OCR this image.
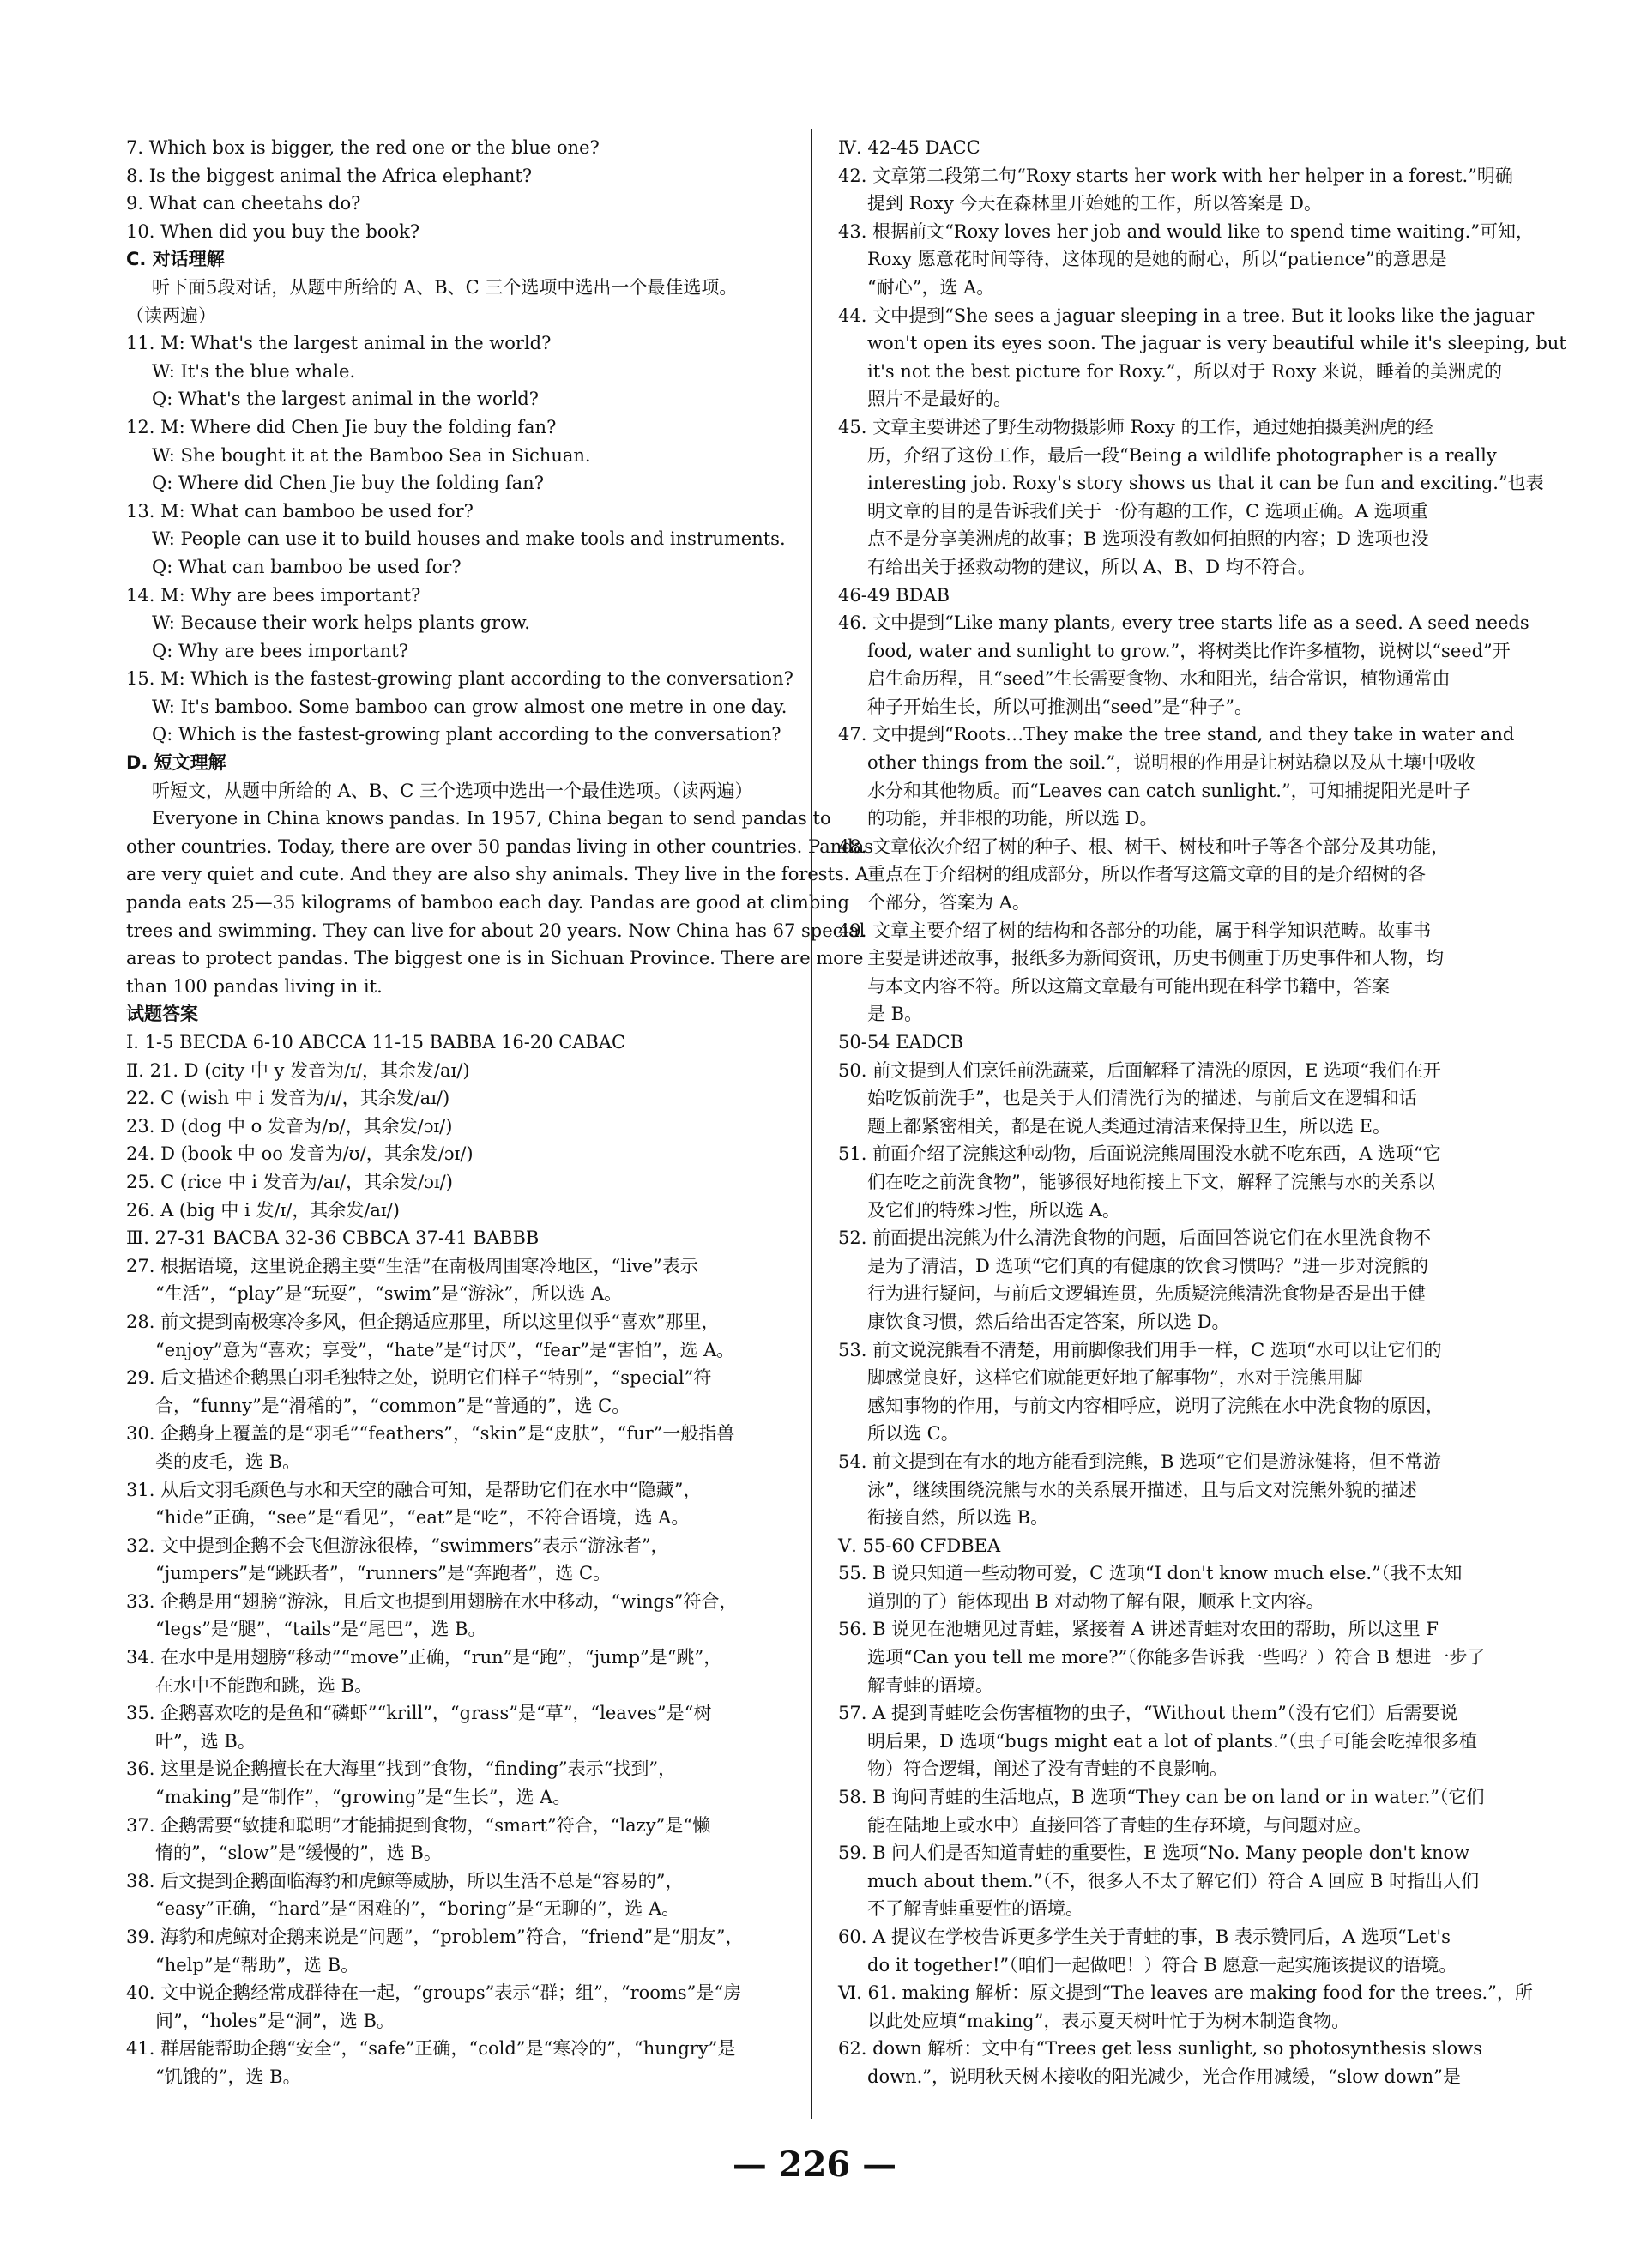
7. Which box is bigger, the red one or the blue one?
8. Is the biggest animal the Africa elephant?
9. What can cheetahs do?
10. When did you buy the book?
C. 对话理解
听下面5段对话，从题中所给的 A、B、C 三个选项中选出一个最佳选项。
（读两遍）
11. M: What's the largest animal in the world?
W: It's the blue whale.
Q: What's the largest animal in the world?
12. M: Where did Chen Jie buy the folding fan?
W: She bought it at the Bamboo Sea in Sichuan.
Q: Where did Chen Jie buy the folding fan?
13. M: What can bamboo be used for?
W: People can use it to build houses and make tools and instruments.
Q: What can bamboo be used for?
14. M: Why are bees important?
W: Because their work helps plants grow.
Q: Why are bees important?
15. M: Which is the fastest-growing plant according to the conversation?
W: It's bamboo. Some bamboo can grow almost one metre in one day.
Q: Which is the fastest-growing plant according to the conversation?
D. 短文理解
听短文，从题中所给的 A、B、C 三个选项中选出一个最佳选项。（读两遍）
Everyone in China knows pandas. In 1957, China began to send pandas to
other countries. Today, there are over 50 pandas living in other countries. Pandas
are very quiet and cute. And they are also shy animals. They live in the forests. A
panda eats 25—35 kilograms of bamboo each day. Pandas are good at climbing
trees and swimming. They can live for about 20 years. Now China has 67 special
areas to protect pandas. The biggest one is in Sichuan Province. There are more
than 100 pandas living in it.
试题答案
Ⅰ. 1-5 BECDA 6-10 ABCCA 11-15 BABBA 16-20 CABAC
Ⅱ. 21. D (city 中 y 发音为/ɪ/，其余发/aɪ/)
22. C (wish 中 i 发音为/ɪ/，其余发/aɪ/)
23. D (dog 中 o 发音为/ɒ/，其余发/ɔɪ/)
24. D (book 中 oo 发音为/ʊ/，其余发/ɔɪ/)
25. C (rice 中 i 发音为/aɪ/，其余发/ɔɪ/)
26. A (big 中 i 发/ɪ/，其余发/aɪ/)
Ⅲ. 27-31 BACBA 32-36 CBBCA 37-41 BABBB
27. 根据语境，这里说企鹅主要“生活”在南极周围寒冷地区，“live”表示
“生活”，“play”是“玩耍”，“swim”是“游泳”，所以选 A。
28. 前文提到南极寒冷多风，但企鹅适应那里，所以这里似乎“喜欢”那里，
“enjoy”意为“喜欢；享受”，“hate”是“讨厌”，“fear”是“害怕”，选 A。
29. 后文描述企鹅黑白羽毛独特之处，说明它们样子“特别”，“special”符
合，“funny”是“滑稽的”，“common”是“普通的”，选 C。
30. 企鹅身上覆盖的是“羽毛”“feathers”，“skin”是“皮肤”，“fur”一般指兽
类的皮毛，选 B。
31. 从后文羽毛颜色与水和天空的融合可知，是帮助它们在水中“隐藏”，
“hide”正确，“see”是“看见”，“eat”是“吃”，不符合语境，选 A。
32. 文中提到企鹅不会飞但游泳很棒，“swimmers”表示“游泳者”，
“jumpers”是“跳跃者”，“runners”是“奔跑者”，选 C。
33. 企鹅是用“翅膀”游泳，且后文也提到用翅膀在水中移动，“wings”符合，
“legs”是“腿”，“tails”是“尾巴”，选 B。
34. 在水中是用翅膀“移动”“move”正确，“run”是“跑”，“jump”是“跳”，
在水中不能跑和跳，选 B。
35. 企鹅喜欢吃的是鱼和“磷虾”“krill”，“grass”是“草”，“leaves”是“树
叶”，选 B。
36. 这里是说企鹅擅长在大海里“找到”食物，“finding”表示“找到”，
“making”是“制作”，“growing”是“生长”，选 A。
37. 企鹅需要“敏捷和聪明”才能捕捉到食物，“smart”符合，“lazy”是“懒
惰的”，“slow”是“缓慢的”，选 B。
38. 后文提到企鹅面临海豹和虎鲸等威胁，所以生活不总是“容易的”，
“easy”正确，“hard”是“困难的”，“boring”是“无聊的”，选 A。
39. 海豹和虎鲸对企鹅来说是“问题”，“problem”符合，“friend”是“朋友”，
“help”是“帮助”，选 B。
40. 文中说企鹅经常成群待在一起，“groups”表示“群；组”，“rooms”是“房
间”，“holes”是“洞”，选 B。
41. 群居能帮助企鹅“安全”，“safe”正确，“cold”是“寒冷的”，“hungry”是
“饥饿的”，选 B。
Ⅳ. 42-45 DACC
42. 文章第二段第二句“Roxy starts her work with her helper in a forest.”明确
提到 Roxy 今天在森林里开始她的工作，所以答案是 D。
43. 根据前文“Roxy loves her job and would like to spend time waiting.”可知，
Roxy 愿意花时间等待，这体现的是她的耐心，所以“patience”的意思是
“耐心”，选 A。
44. 文中提到“She sees a jaguar sleeping in a tree. But it looks like the jaguar
won't open its eyes soon. The jaguar is very beautiful while it's sleeping, but
it's not the best picture for Roxy.”，所以对于 Roxy 来说，睡着的美洲虎的
照片不是最好的。
45. 文章主要讲述了野生动物摄影师 Roxy 的工作，通过她拍摄美洲虎的经
历，介绍了这份工作，最后一段“Being a wildlife photographer is a really
interesting job. Roxy's story shows us that it can be fun and exciting.”也表
明文章的目的是告诉我们关于一份有趣的工作，C 选项正确。A 选项重
点不是分享美洲虎的故事；B 选项没有教如何拍照的内容；D 选项也没
有给出关于拯救动物的建议，所以 A、B、D 均不符合。
46-49 BDAB
46. 文中提到“Like many plants, every tree starts life as a seed. A seed needs
food, water and sunlight to grow.”，将树类比作许多植物，说树以“seed”开
启生命历程，且“seed”生长需要食物、水和阳光，结合常识，植物通常由
种子开始生长，所以可推测出“seed”是“种子”。
47. 文中提到“Roots…They make the tree stand, and they take in water and
other things from the soil.”，说明根的作用是让树站稳以及从土壤中吸收
水分和其他物质。而“Leaves can catch sunlight.”，可知捕捉阳光是叶子
的功能，并非根的功能，所以选 D。
48. 文章依次介绍了树的种子、根、树干、树枝和叶子等各个部分及其功能，
重点在于介绍树的组成部分，所以作者写这篇文章的目的是介绍树的各
个部分，答案为 A。
49. 文章主要介绍了树的结构和各部分的功能，属于科学知识范畴。故事书
主要是讲述故事，报纸多为新闻资讯，历史书侧重于历史事件和人物，均
与本文内容不符。所以这篇文章最有可能出现在科学书籍中，答案
是 B。
50-54 EADCB
50. 前文提到人们烹饪前洗蔬菜，后面解释了清洗的原因，E 选项“我们在开
始吃饭前洗手”，也是关于人们清洗行为的描述，与前后文在逻辑和话
题上都紧密相关，都是在说人类通过清洁来保持卫生，所以选 E。
51. 前面介绍了浣熊这种动物，后面说浣熊周围没水就不吃东西，A 选项“它
们在吃之前洗食物”，能够很好地衔接上下文，解释了浣熊与水的关系以
及它们的特殊习性，所以选 A。
52. 前面提出浣熊为什么清洗食物的问题，后面回答说它们在水里洗食物不
是为了清洁，D 选项“它们真的有健康的饮食习惯吗？”进一步对浣熊的
行为进行疑问，与前后文逻辑连贯，先质疑浣熊清洗食物是否是出于健
康饮食习惯，然后给出否定答案，所以选 D。
53. 前文说浣熊看不清楚，用前脚像我们用手一样，C 选项“水可以让它们的
脚感觉良好，这样它们就能更好地了解事物”，水对于浣熊用脚
感知事物的作用，与前文内容相呼应，说明了浣熊在水中洗食物的原因，
所以选 C。
54. 前文提到在有水的地方能看到浣熊，B 选项“它们是游泳健将，但不常游
泳”，继续围绕浣熊与水的关系展开描述，且与后文对浣熊外貌的描述
衔接自然，所以选 B。
Ⅴ. 55-60 CFDBEA
55. B 说只知道一些动物可爱，C 选项“I don't know much else.”（我不太知
道别的了）能体现出 B 对动物了解有限，顺承上文内容。
56. B 说见在池塘见过青蛙，紧接着 A 讲述青蛙对农田的帮助，所以这里 F
选项“Can you tell me more?”（你能多告诉我一些吗？）符合 B 想进一步了
解青蛙的语境。
57. A 提到青蛙吃会伤害植物的虫子，“Without them”（没有它们）后需要说
明后果，D 选项“bugs might eat a lot of plants.”（虫子可能会吃掉很多植
物）符合逻辑，阐述了没有青蛙的不良影响。
58. B 询问青蛙的生活地点，B 选项“They can be on land or in water.”（它们
能在陆地上或水中）直接回答了青蛙的生存环境，与问题对应。
59. B 问人们是否知道青蛙的重要性，E 选项“No. Many people don't know
much about them.”（不，很多人不太了解它们）符合 A 回应 B 时指出人们
不了解青蛙重要性的语境。
60. A 提议在学校告诉更多学生关于青蛙的事，B 表示赞同后，A 选项“Let's
do it together!”（咱们一起做吧！）符合 B 愿意一起实施该提议的语境。
Ⅵ. 61. making 解析：原文提到“The leaves are making food for the trees.”，所
以此处应填“making”，表示夏天树叶忙于为树木制造食物。
62. down 解析：文中有“Trees get less sunlight, so photosynthesis slows
down.”，说明秋天树木接收的阳光减少，光合作用减缓，“slow down”是
— 226 —
